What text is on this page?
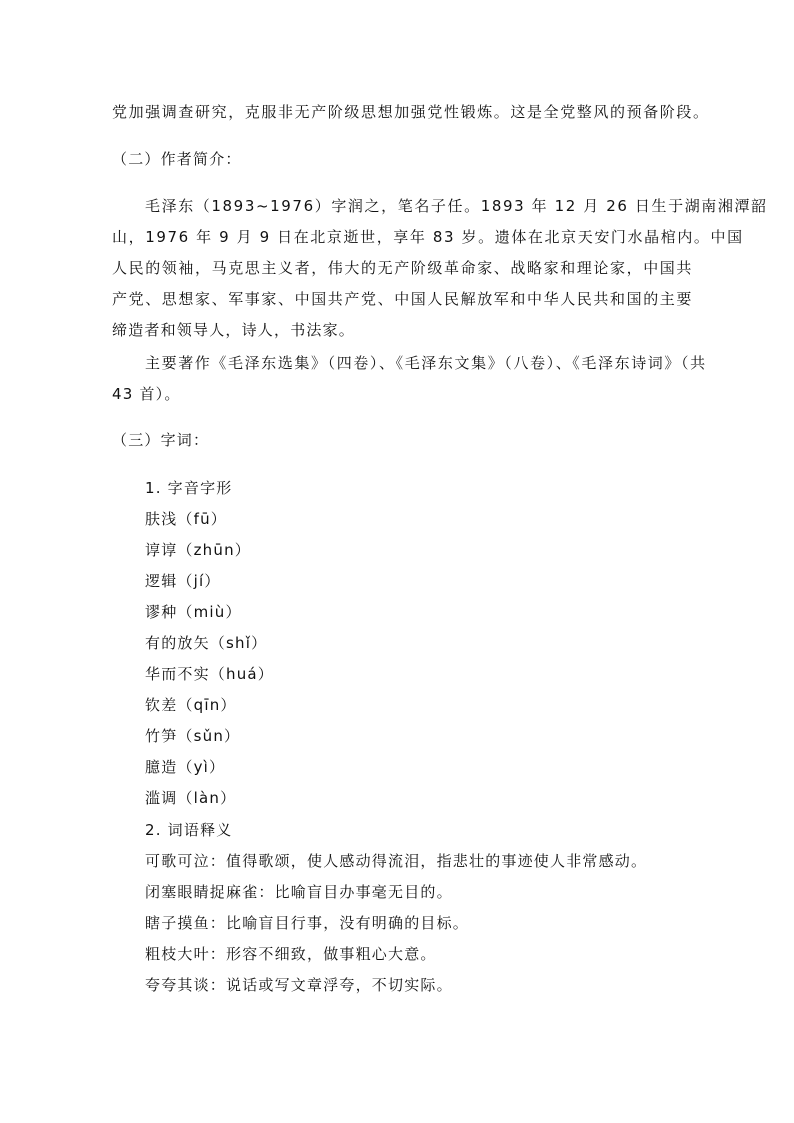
党加强调查研究，克服非无产阶级思想加强党性锻炼。这是全党整风的预备阶段。
（二）作者简介：
毛泽东（1893~1976）字润之，笔名子任。1893 年 12 月 26 日生于湖南湘潭韶
山，1976 年 9 月 9 日在北京逝世，享年 83 岁。遗体在北京天安门水晶棺内。中国
人民的领袖，马克思主义者，伟大的无产阶级革命家、战略家和理论家，中国共
产党、思想家、军事家、中国共产党、中国人民解放军和中华人民共和国的主要
缔造者和领导人，诗人，书法家。
主要著作《毛泽东选集》（四卷）、《毛泽东文集》（八卷）、《毛泽东诗词》（共
43 首）。
（三）字词：
1. 字音字形
肤浅（fū）
谆谆（zhūn）
逻辑（jí）
谬种（miù）
有的放矢（shǐ）
华而不实（huá）
钦差（qīn）
竹笋（sǔn）
臆造（yì）
滥调（làn）
2. 词语释义
可歌可泣：值得歌颂，使人感动得流泪，指悲壮的事迹使人非常感动。
闭塞眼睛捉麻雀：比喻盲目办事毫无目的。
瞎子摸鱼：比喻盲目行事，没有明确的目标。
粗枝大叶：形容不细致，做事粗心大意。
夸夸其谈：说话或写文章浮夸，不切实际。
